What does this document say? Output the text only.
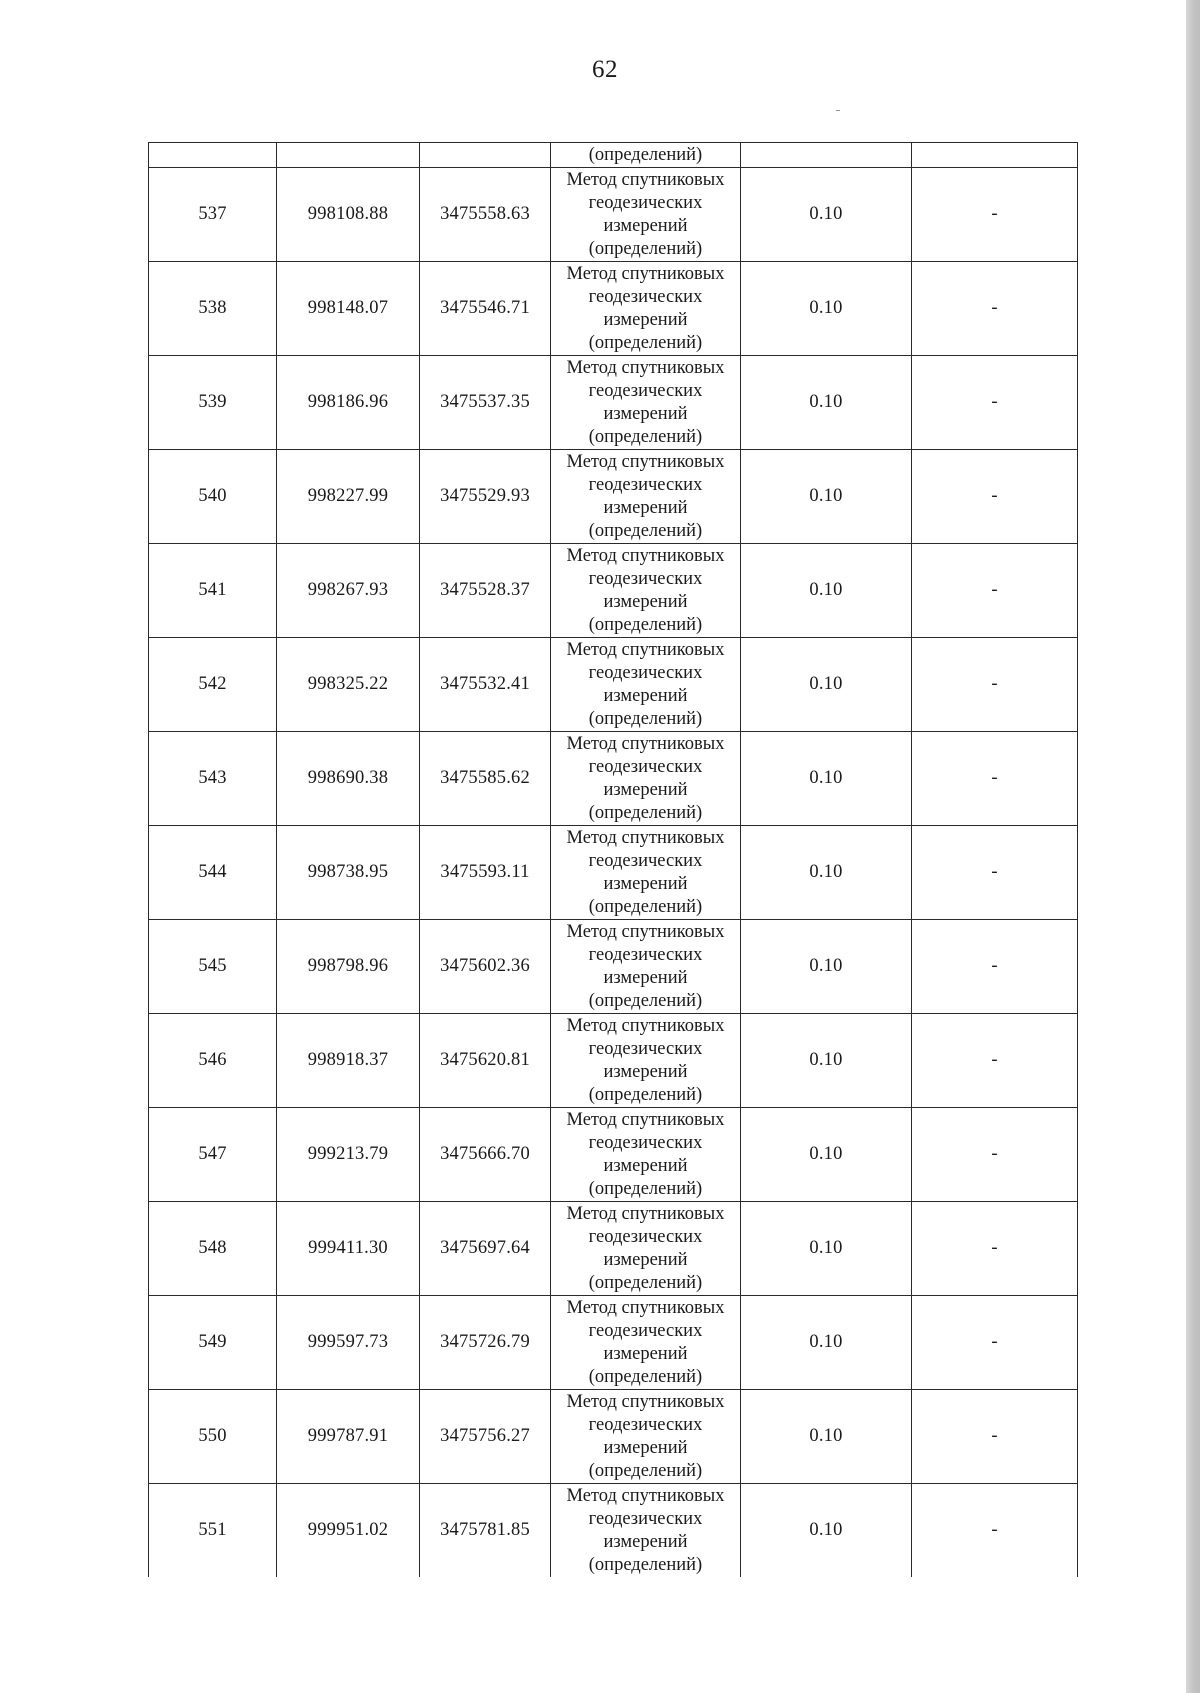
62
			(определений)		
537	998108.88	3475558.63	Метод спутниковых
геодезических
измерений
(определений)	0.10	-
538	998148.07	3475546.71	Метод спутниковых
геодезических
измерений
(определений)	0.10	-
539	998186.96	3475537.35	Метод спутниковых
геодезических
измерений
(определений)	0.10	-
540	998227.99	3475529.93	Метод спутниковых
геодезических
измерений
(определений)	0.10	-
541	998267.93	3475528.37	Метод спутниковых
геодезических
измерений
(определений)	0.10	-
542	998325.22	3475532.41	Метод спутниковых
геодезических
измерений
(определений)	0.10	-
543	998690.38	3475585.62	Метод спутниковых
геодезических
измерений
(определений)	0.10	-
544	998738.95	3475593.11	Метод спутниковых
геодезических
измерений
(определений)	0.10	-
545	998798.96	3475602.36	Метод спутниковых
геодезических
измерений
(определений)	0.10	-
546	998918.37	3475620.81	Метод спутниковых
геодезических
измерений
(определений)	0.10	-
547	999213.79	3475666.70	Метод спутниковых
геодезических
измерений
(определений)	0.10	-
548	999411.30	3475697.64	Метод спутниковых
геодезических
измерений
(определений)	0.10	-
549	999597.73	3475726.79	Метод спутниковых
геодезических
измерений
(определений)	0.10	-
550	999787.91	3475756.27	Метод спутниковых
геодезических
измерений
(определений)	0.10	-
551	999951.02	3475781.85	Метод спутниковых
геодезических
измерений
(определений)	0.10	-
